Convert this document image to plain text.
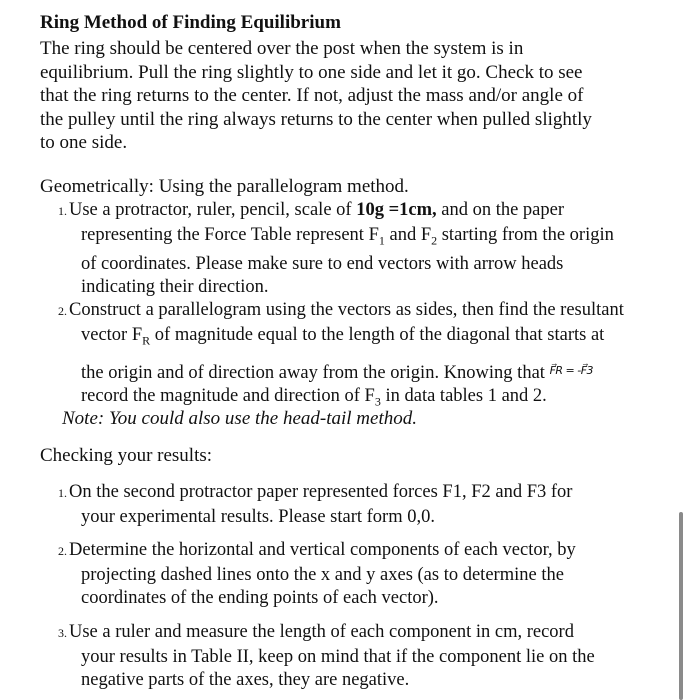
Ring Method of Finding Equilibrium
The ring should be centered over the post when the system is in
equilibrium. Pull the ring slightly to one side and let it go. Check to see
that the ring returns to the center. If not, adjust the mass and/or angle of
the pulley until the ring always returns to the center when pulled slightly
to one side.
Geometrically: Using the parallelogram method.
1. Use a protractor, ruler, pencil, scale of 10g =1cm, and on the paper
representing the Force Table represent $F_1$ and $F_2$ starting from the origin
of coordinates. Please make sure to end vectors with arrow heads
indicating their direction.
2. Construct a parallelogram using the vectors as sides, then find the resultant
vector $F_R$ of magnitude equal to the length of the diagonal that starts at
the origin and of direction away from the origin. Knowing that $^{F⃗R = -F⃗3}$
record the magnitude and direction of $F_3$ in data tables 1 and 2.
Note: You could also use the head-tail method.
Checking your results:
1. On the second protractor paper represented forces F1, F2 and F3 for
your experimental results. Please start form 0,0.
2. Determine the horizontal and vertical components of each vector, by
projecting dashed lines onto the x and y axes (as to determine the
coordinates of the ending points of each vector).
3. Use a ruler and measure the length of each component in cm, record
your results in Table II, keep on mind that if the component lie on the
negative parts of the axes, they are negative.
